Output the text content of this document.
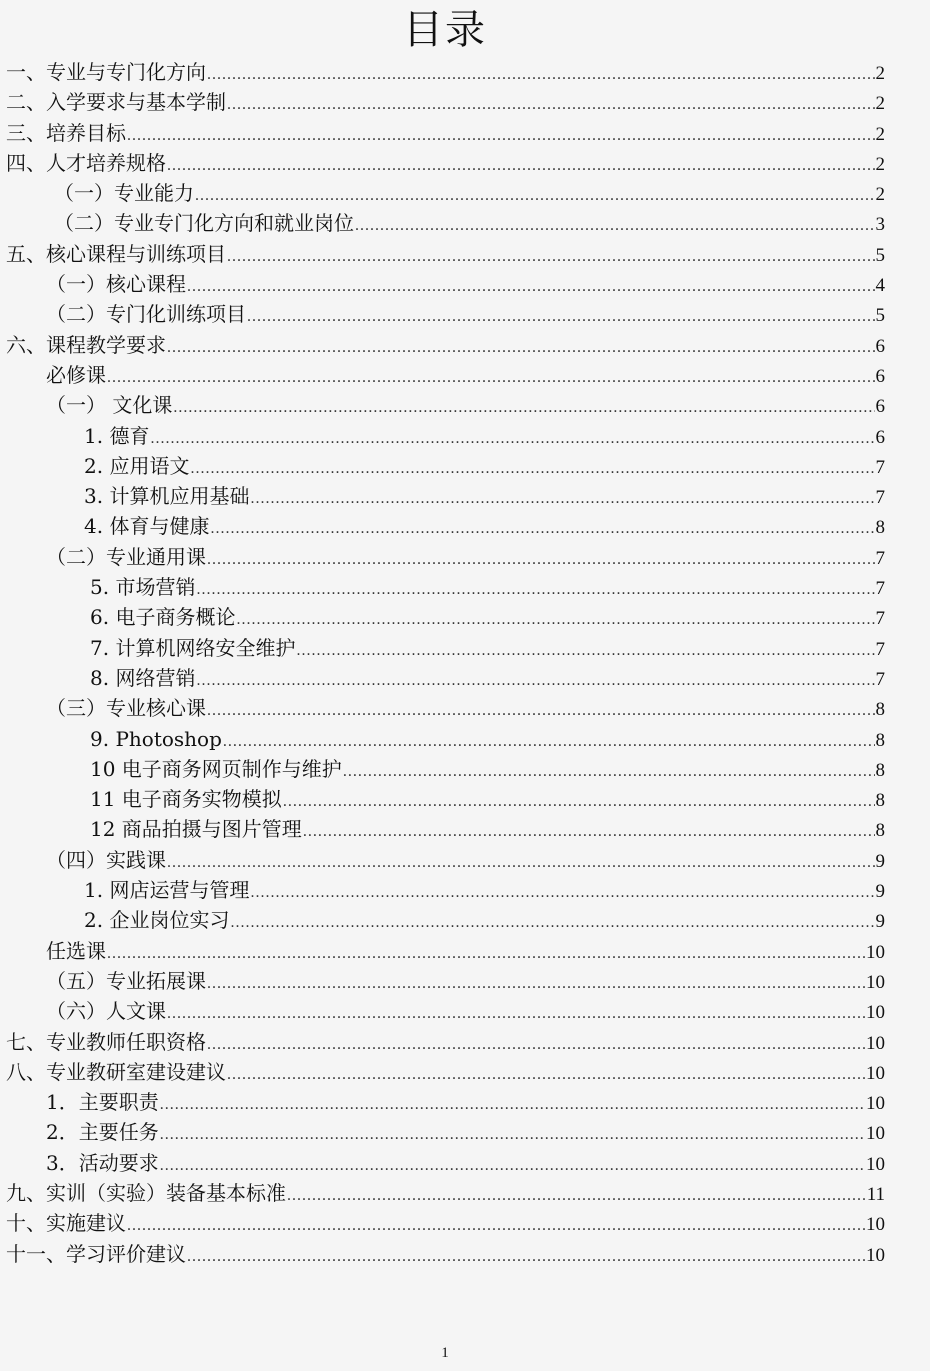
目录
一、专业与专门化方向 .....	2
二、入学要求与基本学制 .....	2
三、培养目标 .....	2
四、人才培养规格 .....	2
（一）专业能力 .....	2
（二）专业专门化方向和就业岗位 .....	3
五、核心课程与训练项目 .....	5
（一）核心课程 .....	4
（二）专门化训练项目 .....	5
六、课程教学要求 .....	6
必修课 .....	6
（一） 文化课 .....	6
1. 德育 .....	6
2. 应用语文 .....	7
3. 计算机应用基础 .....	7
4. 体育与健康 .....	8
（二）专业通用课 .....	7
5. 市场营销 .....	7
6. 电子商务概论 .....	7
7. 计算机网络安全维护 .....	7
8. 网络营销 .....	7
（三）专业核心课 .....	8
9. Photoshop .....	8
10 电子商务网页制作与维护 .....	8
11 电子商务实物模拟 .....	8
12 商品拍摄与图片管理 .....	8
（四）实践课 .....	9
1. 网店运营与管理 .....	9
2. 企业岗位实习 .....	9
任选课 .....	10
（五）专业拓展课 .....	10
（六）人文课 .....	10
七、专业教师任职资格 .....	10
八、专业教研室建设建议 .....	10
1．主要职责 .....	10
2．主要任务 .....	10
3．活动要求 .....	10
九、实训（实验）装备基本标准 .....	11
十、实施建议 .....	10
十一、学习评价建议 .....	10
1
